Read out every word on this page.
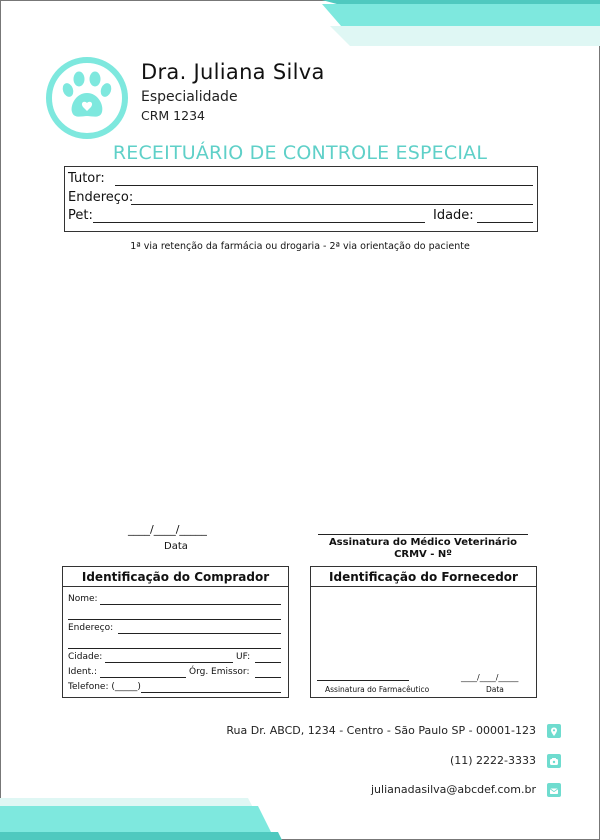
Dra. Juliana Silva
Especialidade
CRM 1234
RECEITUÁRIO DE CONTROLE ESPECIAL
Tutor:
Endereço:
Pet:	Idade:
1ª via retenção da farmácia ou drogaria - 2ª via orientação do paciente
____/____/_____
Data	Assinatura do Médico Veterinário
CRMV - Nº
Identificação do Comprador
Nome:
Endereço:
Cidade:	UF:
Ident.:	Órg. Emissor:
Telefone: (_____)
Identificação do Fornecedor
Assinatura do Farmacêutico
____/____/_____
Data
Rua Dr. ABCD, 1234 - Centro - São Paulo SP - 00001-123
(11) 2222-3333
julianadasilva@abcdef.com.br
